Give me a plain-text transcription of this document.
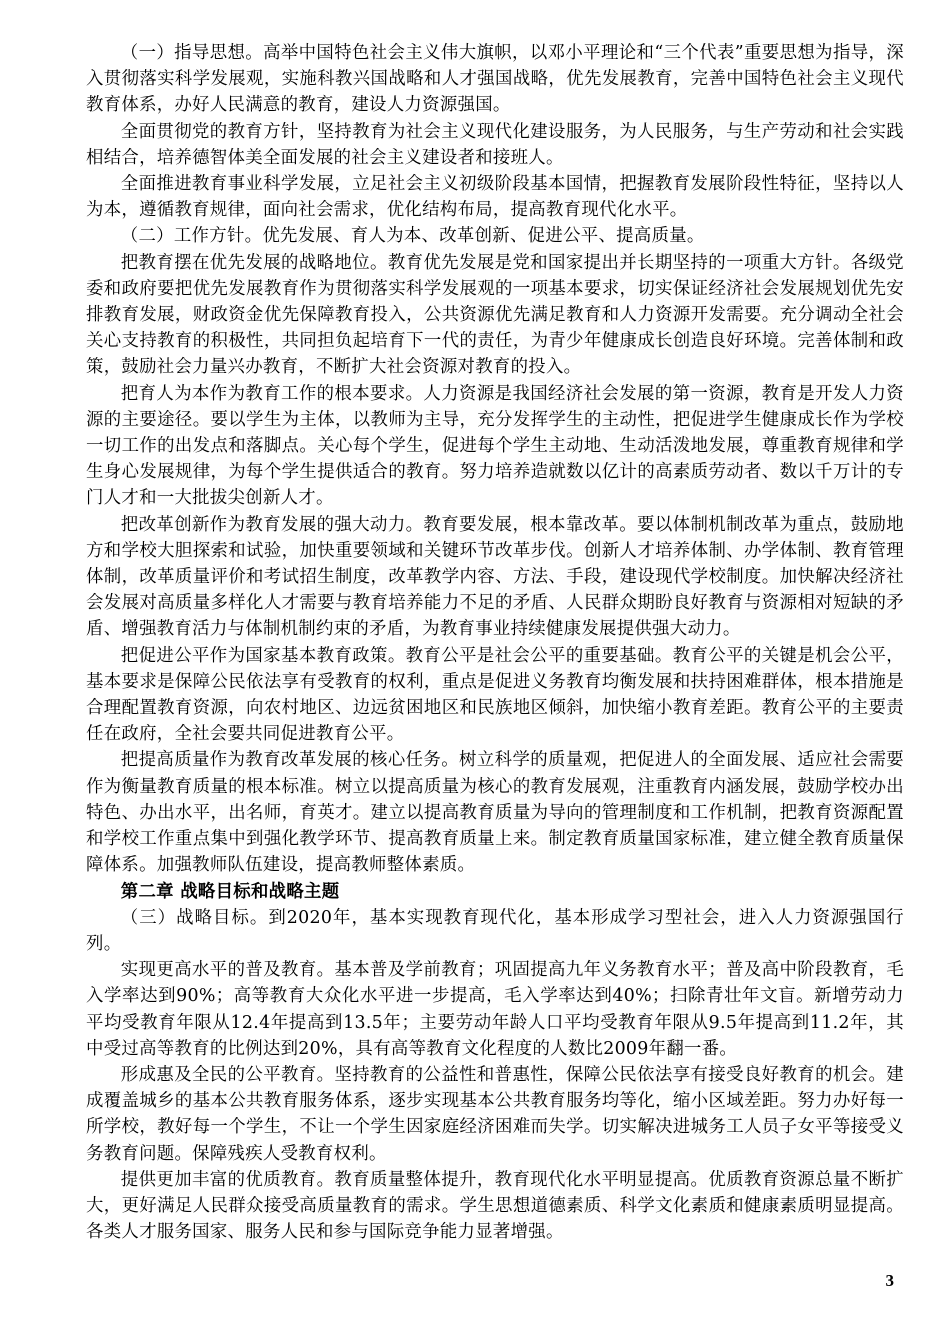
（一）指导思想。高举中国特色社会主义伟大旗帜，以邓小平理论和“三个代表”重要思想为指导，深入贯彻落实科学发展观，实施科教兴国战略和人才强国战略，优先发展教育，完善中国特色社会主义现代教育体系，办好人民满意的教育，建设人力资源强国。

全面贯彻党的教育方针，坚持教育为社会主义现代化建设服务，为人民服务，与生产劳动和社会实践相结合，培养德智体美全面发展的社会主义建设者和接班人。

全面推进教育事业科学发展，立足社会主义初级阶段基本国情，把握教育发展阶段性特征，坚持以人为本，遵循教育规律，面向社会需求，优化结构布局，提高教育现代化水平。

（二）工作方针。优先发展、育人为本、改革创新、促进公平、提高质量。

把教育摆在优先发展的战略地位。教育优先发展是党和国家提出并长期坚持的一项重大方针。各级党委和政府要把优先发展教育作为贯彻落实科学发展观的一项基本要求，切实保证经济社会发展规划优先安排教育发展，财政资金优先保障教育投入，公共资源优先满足教育和人力资源开发需要。充分调动全社会关心支持教育的积极性，共同担负起培育下一代的责任，为青少年健康成长创造良好环境。完善体制和政策，鼓励社会力量兴办教育，不断扩大社会资源对教育的投入。

把育人为本作为教育工作的根本要求。人力资源是我国经济社会发展的第一资源，教育是开发人力资源的主要途径。要以学生为主体，以教师为主导，充分发挥学生的主动性，把促进学生健康成长作为学校一切工作的出发点和落脚点。关心每个学生，促进每个学生主动地、生动活泼地发展，尊重教育规律和学生身心发展规律，为每个学生提供适合的教育。努力培养造就数以亿计的高素质劳动者、数以千万计的专门人才和一大批拔尖创新人才。

把改革创新作为教育发展的强大动力。教育要发展，根本靠改革。要以体制机制改革为重点，鼓励地方和学校大胆探索和试验，加快重要领域和关键环节改革步伐。创新人才培养体制、办学体制、教育管理体制，改革质量评价和考试招生制度，改革教学内容、方法、手段，建设现代学校制度。加快解决经济社会发展对高质量多样化人才需要与教育培养能力不足的矛盾、人民群众期盼良好教育与资源相对短缺的矛盾、增强教育活力与体制机制约束的矛盾，为教育事业持续健康发展提供强大动力。

把促进公平作为国家基本教育政策。教育公平是社会公平的重要基础。教育公平的关键是机会公平，基本要求是保障公民依法享有受教育的权利，重点是促进义务教育均衡发展和扶持困难群体，根本措施是合理配置教育资源，向农村地区、边远贫困地区和民族地区倾斜，加快缩小教育差距。教育公平的主要责任在政府，全社会要共同促进教育公平。

把提高质量作为教育改革发展的核心任务。树立科学的质量观，把促进人的全面发展、适应社会需要作为衡量教育质量的根本标准。树立以提高质量为核心的教育发展观，注重教育内涵发展，鼓励学校办出特色、办出水平，出名师，育英才。建立以提高教育质量为导向的管理制度和工作机制，把教育资源配置和学校工作重点集中到强化教学环节、提高教育质量上来。制定教育质量国家标准，建立健全教育质量保障体系。加强教师队伍建设，提高教师整体素质。

第二章 战略目标和战略主题

（三）战略目标。到2020年，基本实现教育现代化，基本形成学习型社会，进入人力资源强国行列。

实现更高水平的普及教育。基本普及学前教育；巩固提高九年义务教育水平；普及高中阶段教育，毛入学率达到90%；高等教育大众化水平进一步提高，毛入学率达到40%；扫除青壮年文盲。新增劳动力平均受教育年限从12.4年提高到13.5年；主要劳动年龄人口平均受教育年限从9.5年提高到11.2年，其中受过高等教育的比例达到20%，具有高等教育文化程度的人数比2009年翻一番。

形成惠及全民的公平教育。坚持教育的公益性和普惠性，保障公民依法享有接受良好教育的机会。建成覆盖城乡的基本公共教育服务体系，逐步实现基本公共教育服务均等化，缩小区域差距。努力办好每一所学校，教好每一个学生，不让一个学生因家庭经济困难而失学。切实解决进城务工人员子女平等接受义务教育问题。保障残疾人受教育权利。

提供更加丰富的优质教育。教育质量整体提升，教育现代化水平明显提高。优质教育资源总量不断扩大，更好满足人民群众接受高质量教育的需求。学生思想道德素质、科学文化素质和健康素质明显提高。各类人才服务国家、服务人民和参与国际竞争能力显著增强。

3
